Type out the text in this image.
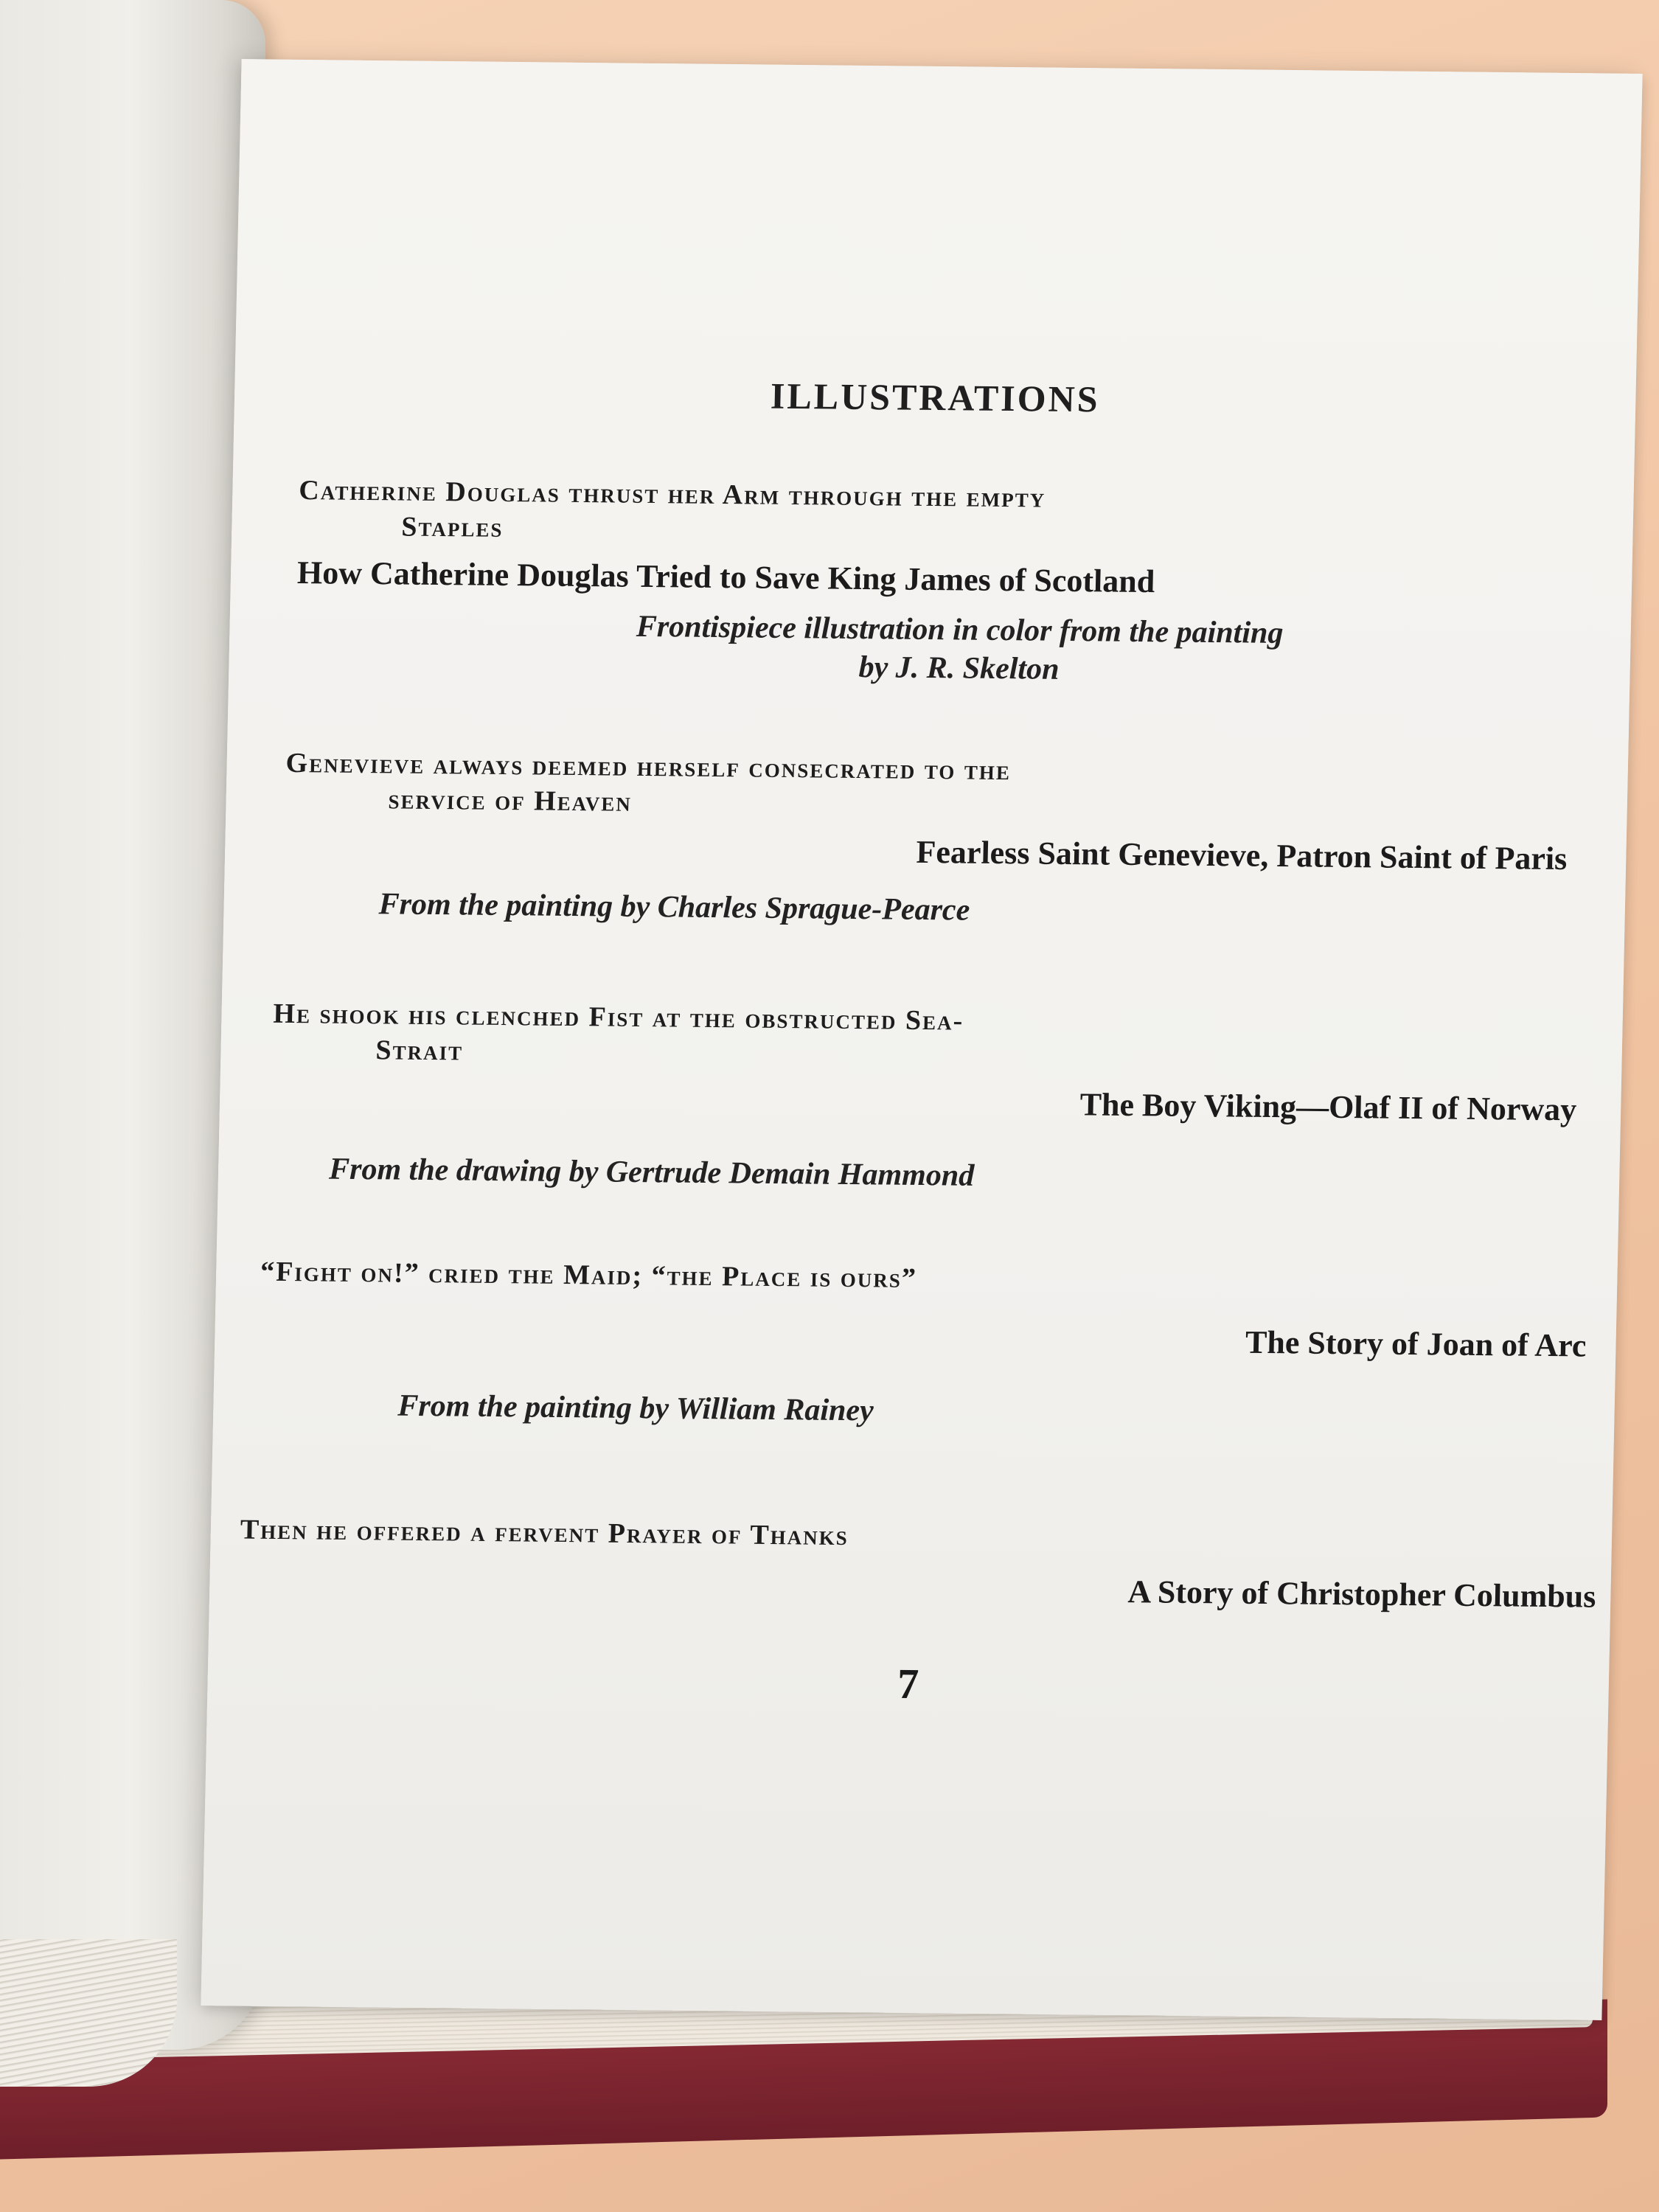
ILLUSTRATIONS
Catherine Douglas thrust her Arm through the empty
Staples
How Catherine Douglas Tried to Save King James of Scotland
Frontispiece illustration in color from the painting
by J. R. Skelton
Genevieve always deemed herself consecrated to the
service of Heaven
Fearless Saint Genevieve, Patron Saint of Paris
From the painting by Charles Sprague-Pearce
He shook his clenched Fist at the obstructed Sea-
Strait
The Boy Viking—Olaf II of Norway
From the drawing by Gertrude Demain Hammond
“Fight on!” cried the Maid; “the Place is ours”
The Story of Joan of Arc
From the painting by William Rainey
Then he offered a fervent Prayer of Thanks
A Story of Christopher Columbus
7
